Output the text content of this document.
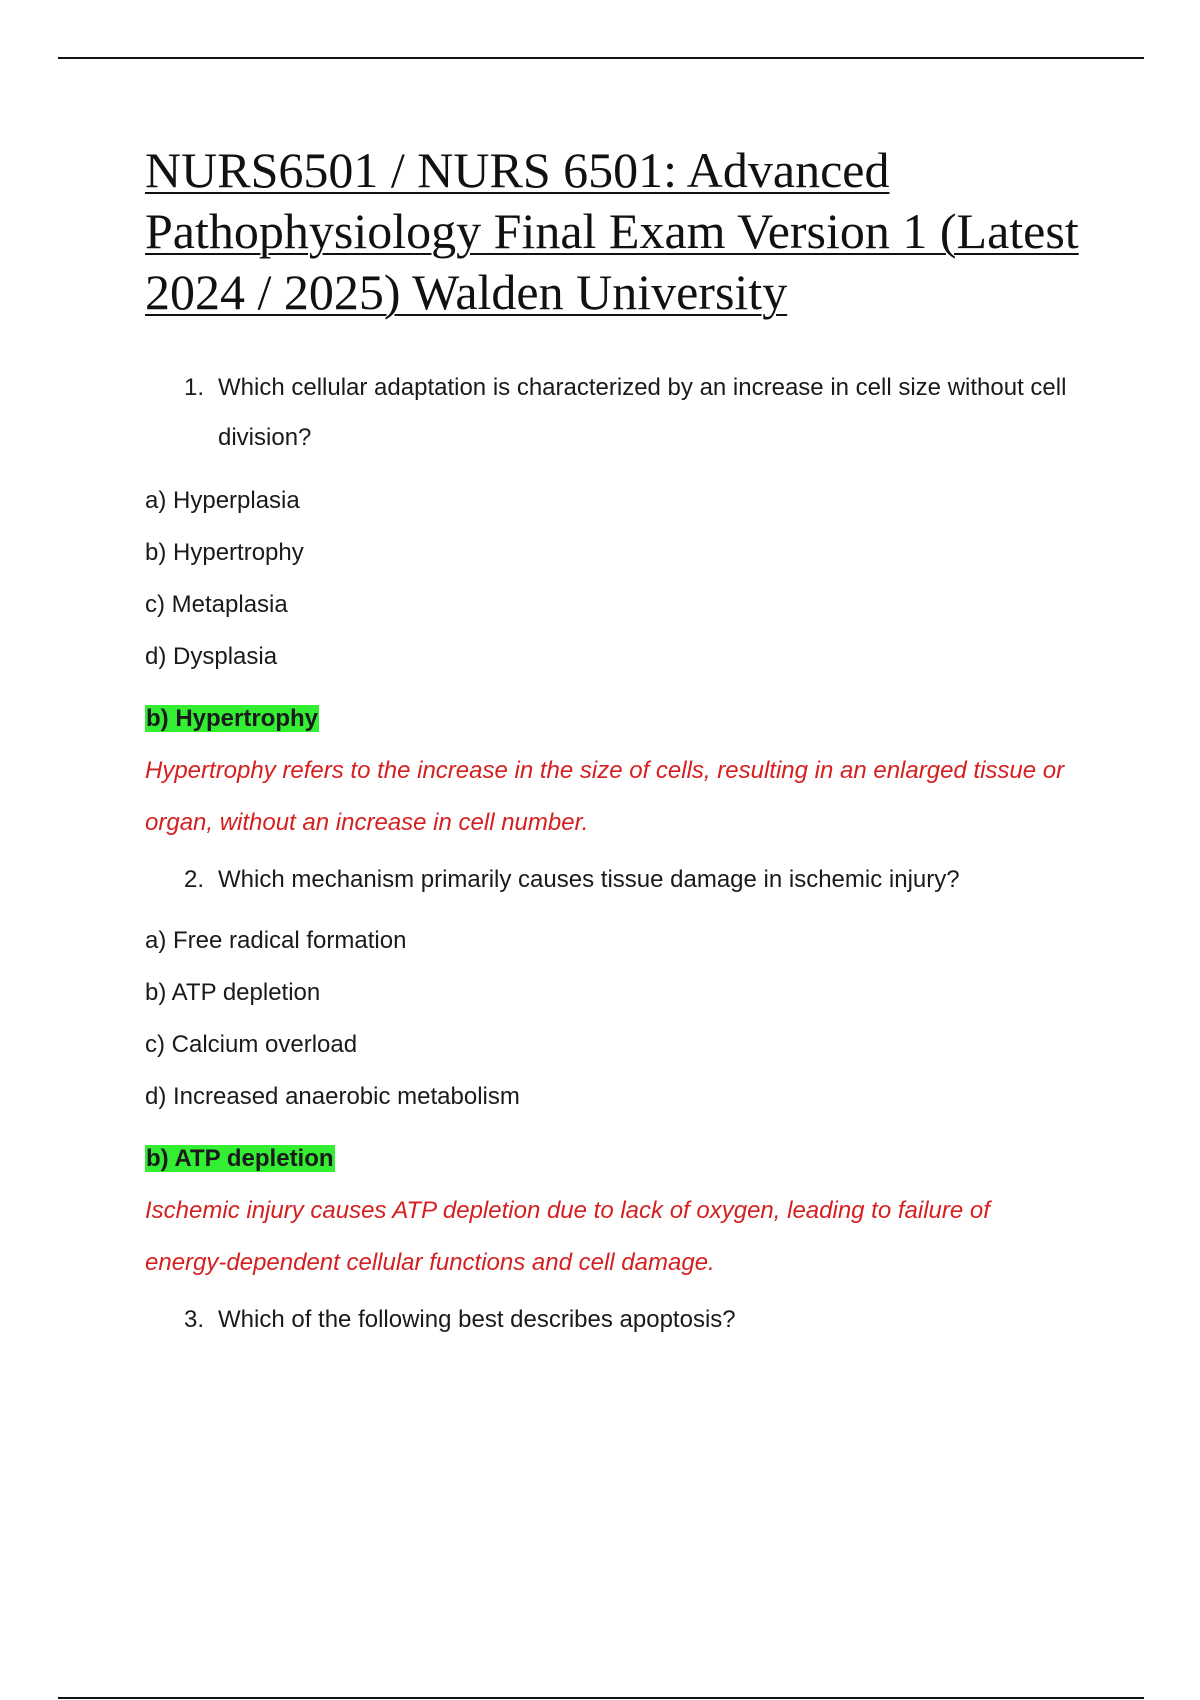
NURS6501 / NURS 6501: Advanced Pathophysiology Final Exam Version 1 (Latest 2024 / 2025) Walden University
1. Which cellular adaptation is characterized by an increase in cell size without cell division?

a) Hyperplasia

b) Hypertrophy

c) Metaplasia

d) Dysplasia

b) Hypertrophy

Hypertrophy refers to the increase in the size of cells, resulting in an enlarged tissue or organ, without an increase in cell number.

2. Which mechanism primarily causes tissue damage in ischemic injury?

a) Free radical formation

b) ATP depletion

c) Calcium overload

d) Increased anaerobic metabolism

b) ATP depletion

Ischemic injury causes ATP depletion due to lack of oxygen, leading to failure of energy-dependent cellular functions and cell damage.

3. Which of the following best describes apoptosis?
